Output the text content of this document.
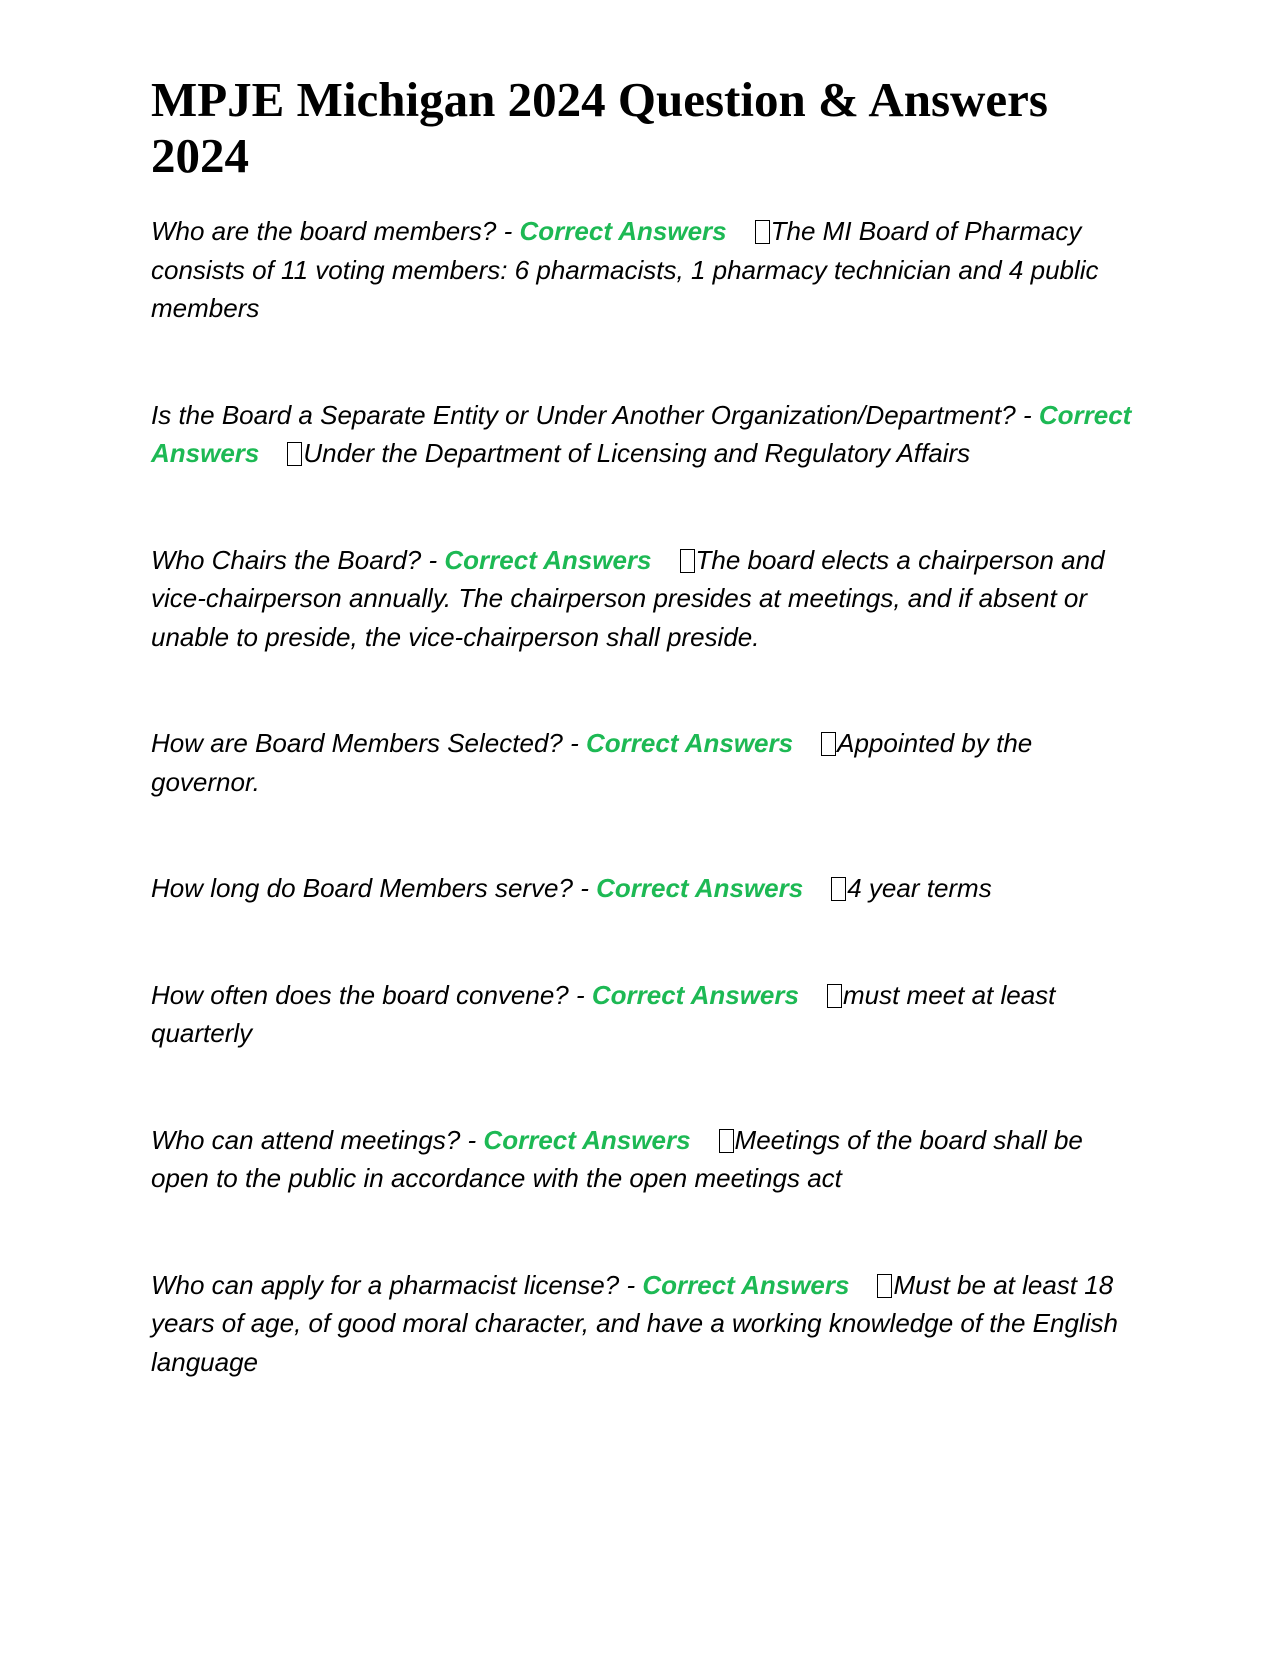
MPJE Michigan 2024 Question & Answers 2024

Who are the board members? - Correct Answers The MI Board of Pharmacy consists of 11 voting members: 6 pharmacists, 1 pharmacy technician and 4 public members

Is the Board a Separate Entity or Under Another Organization/Department? - Correct Answers Under the Department of Licensing and Regulatory Affairs

Who Chairs the Board? - Correct Answers The board elects a chairperson and vice-chairperson annually. The chairperson presides at meetings, and if absent or unable to preside, the vice-chairperson shall preside.

How are Board Members Selected? - Correct Answers Appointed by the governor.

How long do Board Members serve? - Correct Answers 4 year terms

How often does the board convene? - Correct Answers must meet at least quarterly

Who can attend meetings? - Correct Answers Meetings of the board shall be open to the public in accordance with the open meetings act

Who can apply for a pharmacist license? - Correct Answers Must be at least 18 years of age, of good moral character, and have a working knowledge of the English language
